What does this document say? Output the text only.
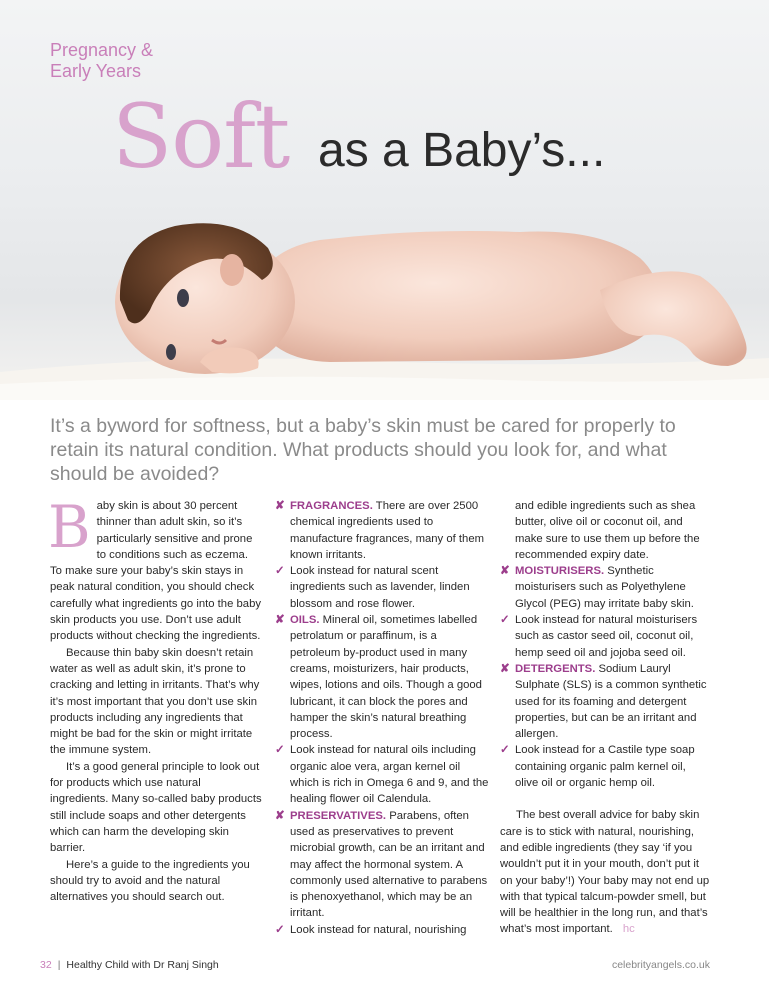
Pregnancy &
Early Years
Soft as a Baby’s...

It’s a byword for softness, but a baby’s skin must be cared for properly to retain its natural condition. What products should you look for, and what should be avoided?

Baby skin is about 30 percent thinner than adult skin, so it’s particularly sensitive and prone to conditions such as eczema. To make sure your baby’s skin stays in peak natural condition, you should check carefully what ingredients go into the baby skin products you use. Don’t use adult products without checking the ingredients.

Because thin baby skin doesn’t retain water as well as adult skin, it’s prone to cracking and letting in irritants. That’s why it’s most important that you don’t use skin products including any ingredients that might be bad for the skin or might irritate the immune system.

It’s a good general principle to look out for products which use natural ingredients. Many so-called baby products still include soaps and other detergents which can harm the developing skin barrier.

Here’s a guide to the ingredients you should try to avoid and the natural alternatives you should search out.

✘ FRAGRANCES. There are over 2500 chemical ingredients used to manufacture fragrances, many of them known irritants.
✓ Look instead for natural scent ingredients such as lavender, linden blossom and rose flower.
✘ OILS. Mineral oil, sometimes labelled petrolatum or paraffinum, is a petroleum by-product used in many creams, moisturizers, hair products, wipes, lotions and oils. Though a good lubricant, it can block the pores and hamper the skin’s natural breathing process.
✓ Look instead for natural oils including organic aloe vera, argan kernel oil which is rich in Omega 6 and 9, and the healing flower oil Calendula.
✘ PRESERVATIVES. Parabens, often used as preservatives to prevent microbial growth, can be an irritant and may affect the hormonal system. A commonly used alternative to parabens is phenoxyethanol, which may be an irritant.
✓ Look instead for natural, nourishing
and edible ingredients such as shea butter, olive oil or coconut oil, and make sure to use them up before the recommended expiry date.
✘ MOISTURISERS. Synthetic moisturisers such as Polyethylene Glycol (PEG) may irritate baby skin.
✓ Look instead for natural moisturisers such as castor seed oil, coconut oil, hemp seed oil and jojoba seed oil.
✘ DETERGENTS. Sodium Lauryl Sulphate (SLS) is a common synthetic used for its foaming and detergent properties, but can be an irritant and allergen.
✓ Look instead for a Castile type soap containing organic palm kernel oil, olive oil or organic hemp oil.

The best overall advice for baby skin care is to stick with natural, nourishing, and edible ingredients (they say ‘if you wouldn’t put it in your mouth, don’t put it on your baby’!) Your baby may not end up with that typical talcum-powder smell, but will be healthier in the long run, and that’s what’s most important. hc

32 | Healthy Child with Dr Ranj Singh	celebrityangels.co.uk
